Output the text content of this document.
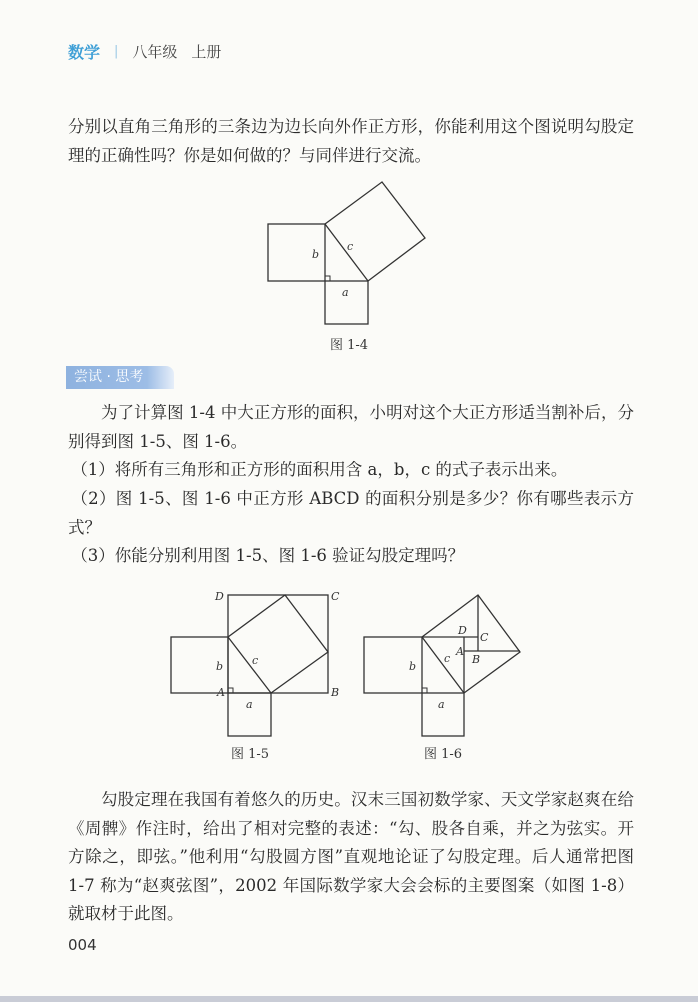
数学 | 八年级 上册
分别以直角三角形的三条边为边长向外作正方形，你能利用这个图说明勾股定理的正确性吗？你是如何做的？与同伴进行交流。
b
c
a
D	C
A	B
b	c
a
D
C
A
B
b
c
a
图 1-4
图 1-5	图 1-6
尝试 · 思考
为了计算图 1-4 中大正方形的面积，小明对这个大正方形适当割补后，分别得到图 1-5、图 1-6。
（1）将所有三角形和正方形的面积用含 a，b，c 的式子表示出来。
（2）图 1-5、图 1-6 中正方形 ABCD 的面积分别是多少？你有哪些表示方式？
（3）你能分别利用图 1-5、图 1-6 验证勾股定理吗？
勾股定理在我国有着悠久的历史。汉末三国初数学家、天文学家赵爽在给《周髀》作注时，给出了相对完整的表述：“勾、股各自乘，并之为弦实。开方除之，即弦。”他利用“勾股圆方图”直观地论证了勾股定理。后人通常把图 1-7 称为“赵爽弦图”，2002 年国际数学家大会会标的主要图案（如图 1-8）就取材于此图。
004
